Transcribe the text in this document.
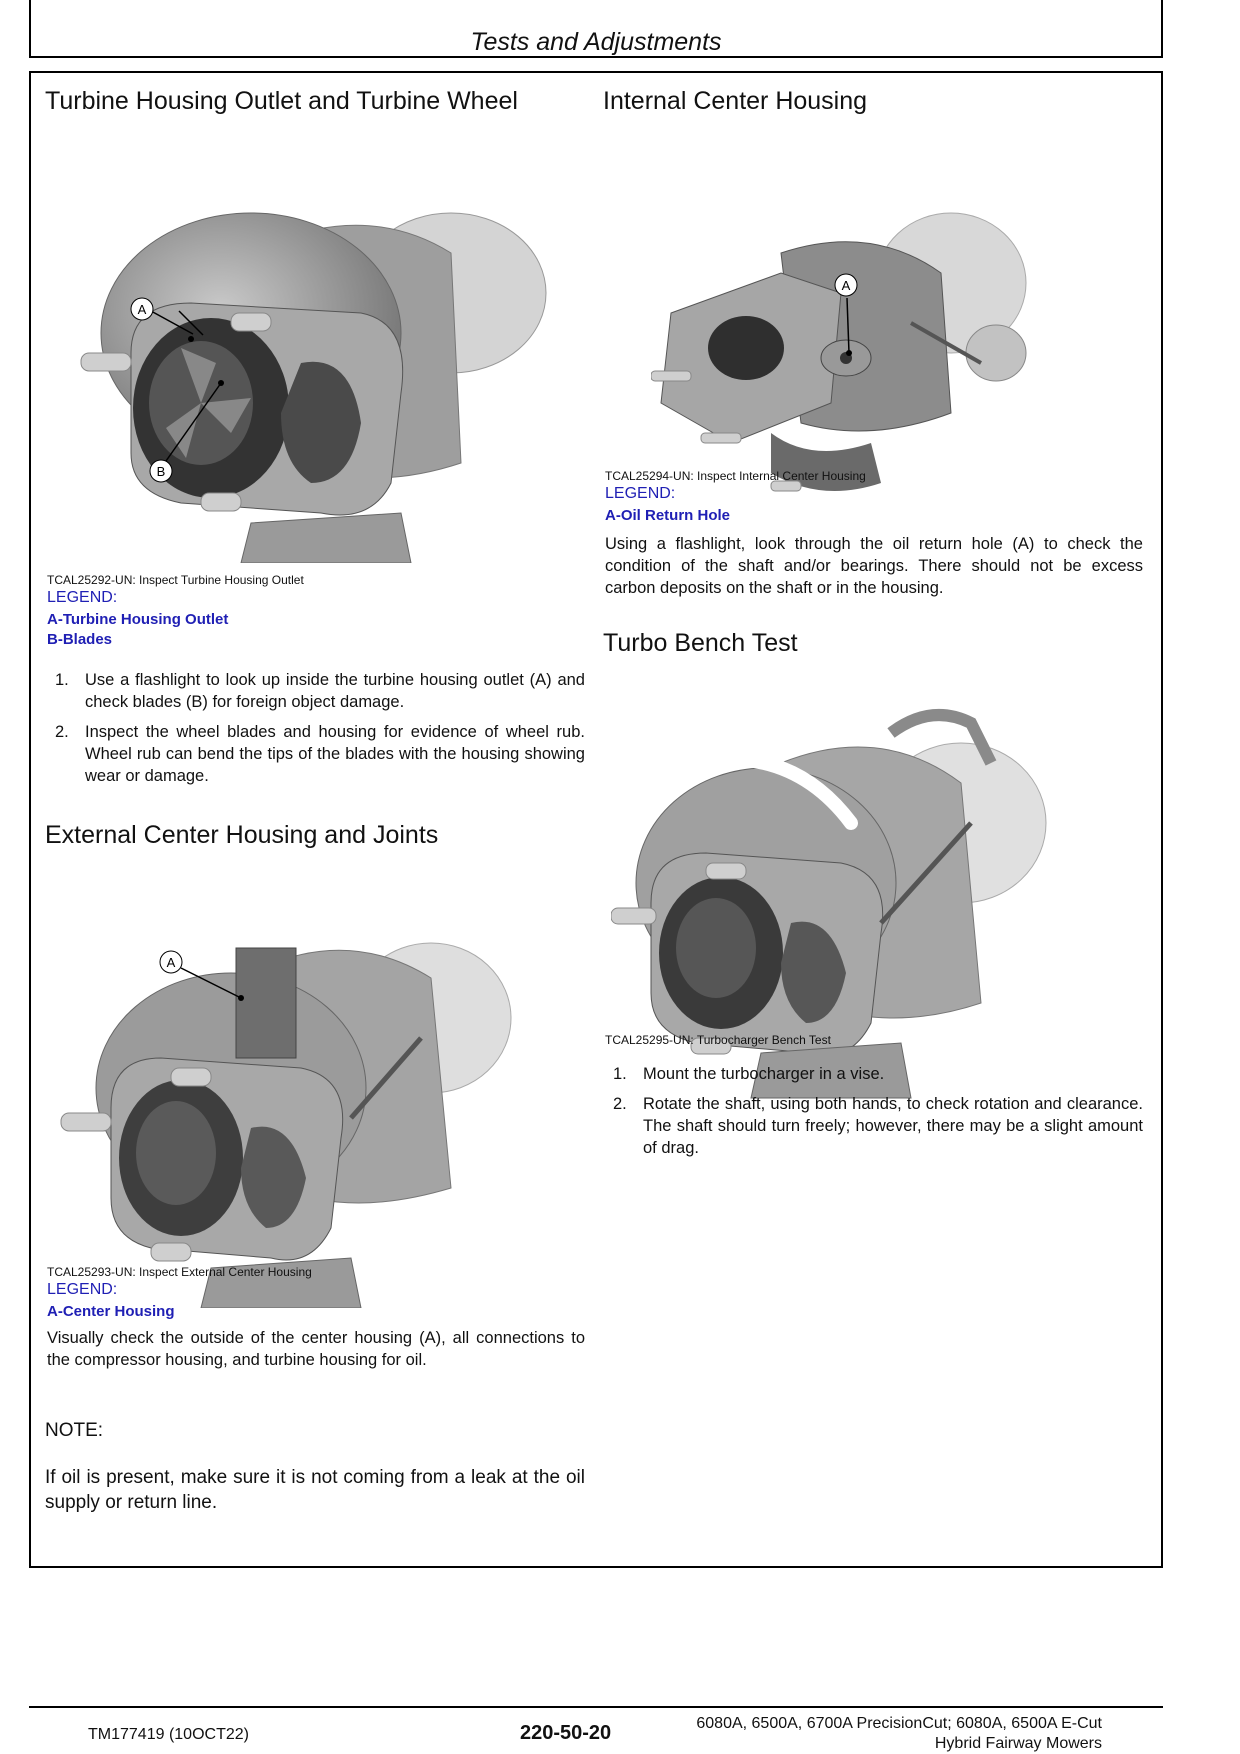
Tests and Adjustments
Turbine Housing Outlet and Turbine Wheel
A
B
TCAL25292-UN: Inspect Turbine Housing Outlet
LEGEND:
A-Turbine Housing Outlet
B-Blades
1. Use a flashlight to look up inside the turbine housing outlet (A) and check blades (B) for foreign object damage.
2. Inspect the wheel blades and housing for evidence of wheel rub. Wheel rub can bend the tips of the blades with the housing showing wear or damage.
External Center Housing and Joints
A
TCAL25293-UN: Inspect External Center Housing
LEGEND:
A-Center Housing
Visually check the outside of the center housing (A), all connections to the compressor housing, and turbine housing for oil.
NOTE:
If oil is present, make sure it is not coming from a leak at the oil supply or return line.
Internal Center Housing
A
TCAL25294-UN: Inspect Internal Center Housing
LEGEND:
A-Oil Return Hole
Using a flashlight, look through the oil return hole (A) to check the condition of the shaft and/or bearings. There should not be excess carbon deposits on the shaft or in the housing.
Turbo Bench Test
TCAL25295-UN: Turbocharger Bench Test
1. Mount the turbocharger in a vise.
2. Rotate the shaft, using both hands, to check rotation and clearance. The shaft should turn freely; however, there may be a slight amount of drag.
TM177419 (10OCT22)	220-50-20	6080A, 6500A, 6700A PrecisionCut; 6080A, 6500A E-Cut
Hybrid Fairway Mowers
